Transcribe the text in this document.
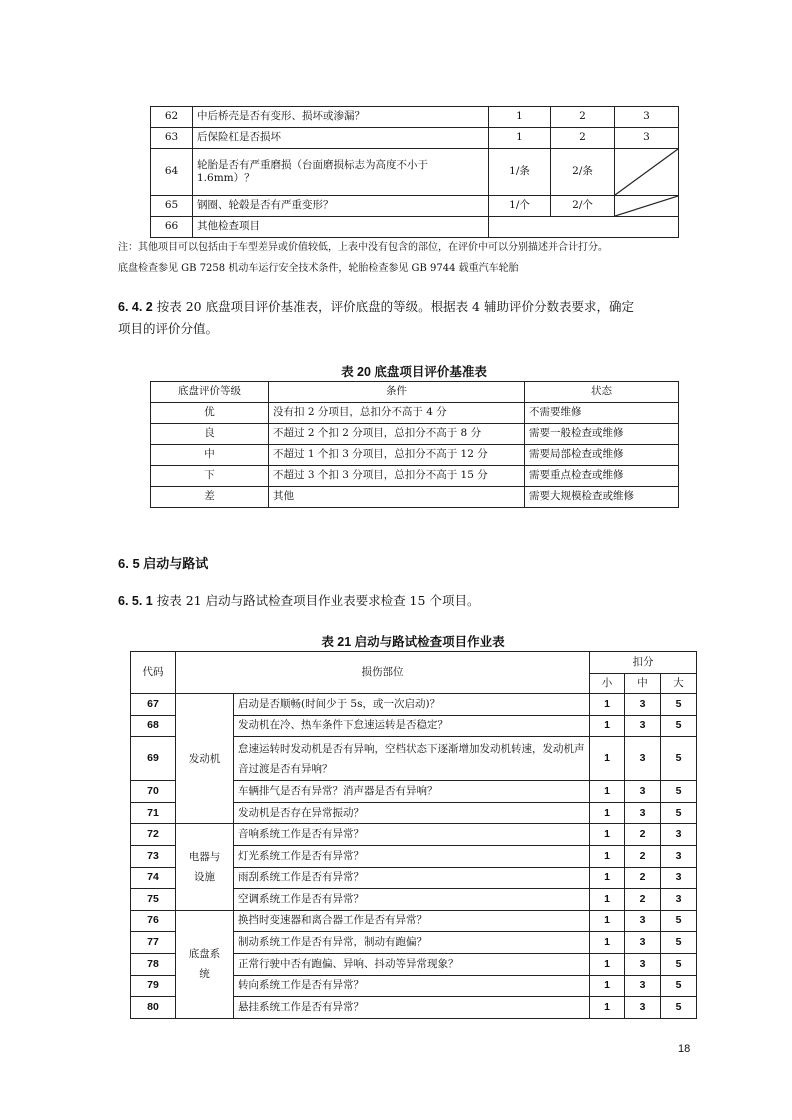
62	中后桥壳是否有变形、损坏或渗漏？	1	2	3
63	后保险杠是否损坏	1	2	3
64	轮胎是否有严重磨损（台面磨损标志为高度不小于1.6mm）？	1/条	2/条	

65	钢圈、轮毂是否有严重变形？	1/个	2/个	

66	其他检查项目			
注：其他项目可以包括由于车型差异或价值较低，上表中没有包含的部位，在评价中可以分别描述并合计打分。
底盘检查参见 GB 7258 机动车运行安全技术条件，轮胎检查参见 GB 9744 载重汽车轮胎
6. 4. 2 按表 20 底盘项目评价基准表，评价底盘的等级。根据表 4 辅助评价分数表要求，确定
项目的评价分值。
表 20 底盘项目评价基准表
底盘评价等级	条件	状态
优	没有扣 2 分项目，总扣分不高于 4 分	不需要维修
良	不超过 2 个扣 2 分项目，总扣分不高于 8 分	需要一般检查或维修
中	不超过 1 个扣 3 分项目，总扣分不高于 12 分	需要局部检查或维修
下	不超过 3 个扣 3 分项目，总扣分不高于 15 分	需要重点检查或维修
差	其他	需要大规模检查或维修
6. 5 启动与路试
6. 5. 1 按表 21 启动与路试检查项目作业表要求检查 15 个项目。
表 21 启动与路试检查项目作业表
代码	损伤部位		扣分		
			小	中	大
67	发动机	启动是否顺畅(时间少于 5s，或一次启动)？	1	3	5
68		发动机在冷、热车条件下怠速运转是否稳定？	1	3	5
69		怠速运转时发动机是否有异响，空档状态下逐渐增加发动机转速，发动机声音过渡是否有异响？	1	3	5
70		车辆排气是否有异常？消声器是否有异响？	1	3	5
71		发动机是否存在异常振动？	1	3	5
72	电器与设施	音响系统工作是否有异常？	1	2	3
73		灯光系统工作是否有异常？	1	2	3
74		雨刮系统工作是否有异常？	1	2	3
75		空调系统工作是否有异常？	1	2	3
76	底盘系统	换挡时变速器和离合器工作是否有异常？	1	3	5
77		制动系统工作是否有异常，制动有跑偏？	1	3	5
78		正常行驶中否有跑偏、异响、抖动等异常现象？	1	3	5
79		转向系统工作是否有异常？	1	3	5
80		悬挂系统工作是否有异常？	1	3	5
18
